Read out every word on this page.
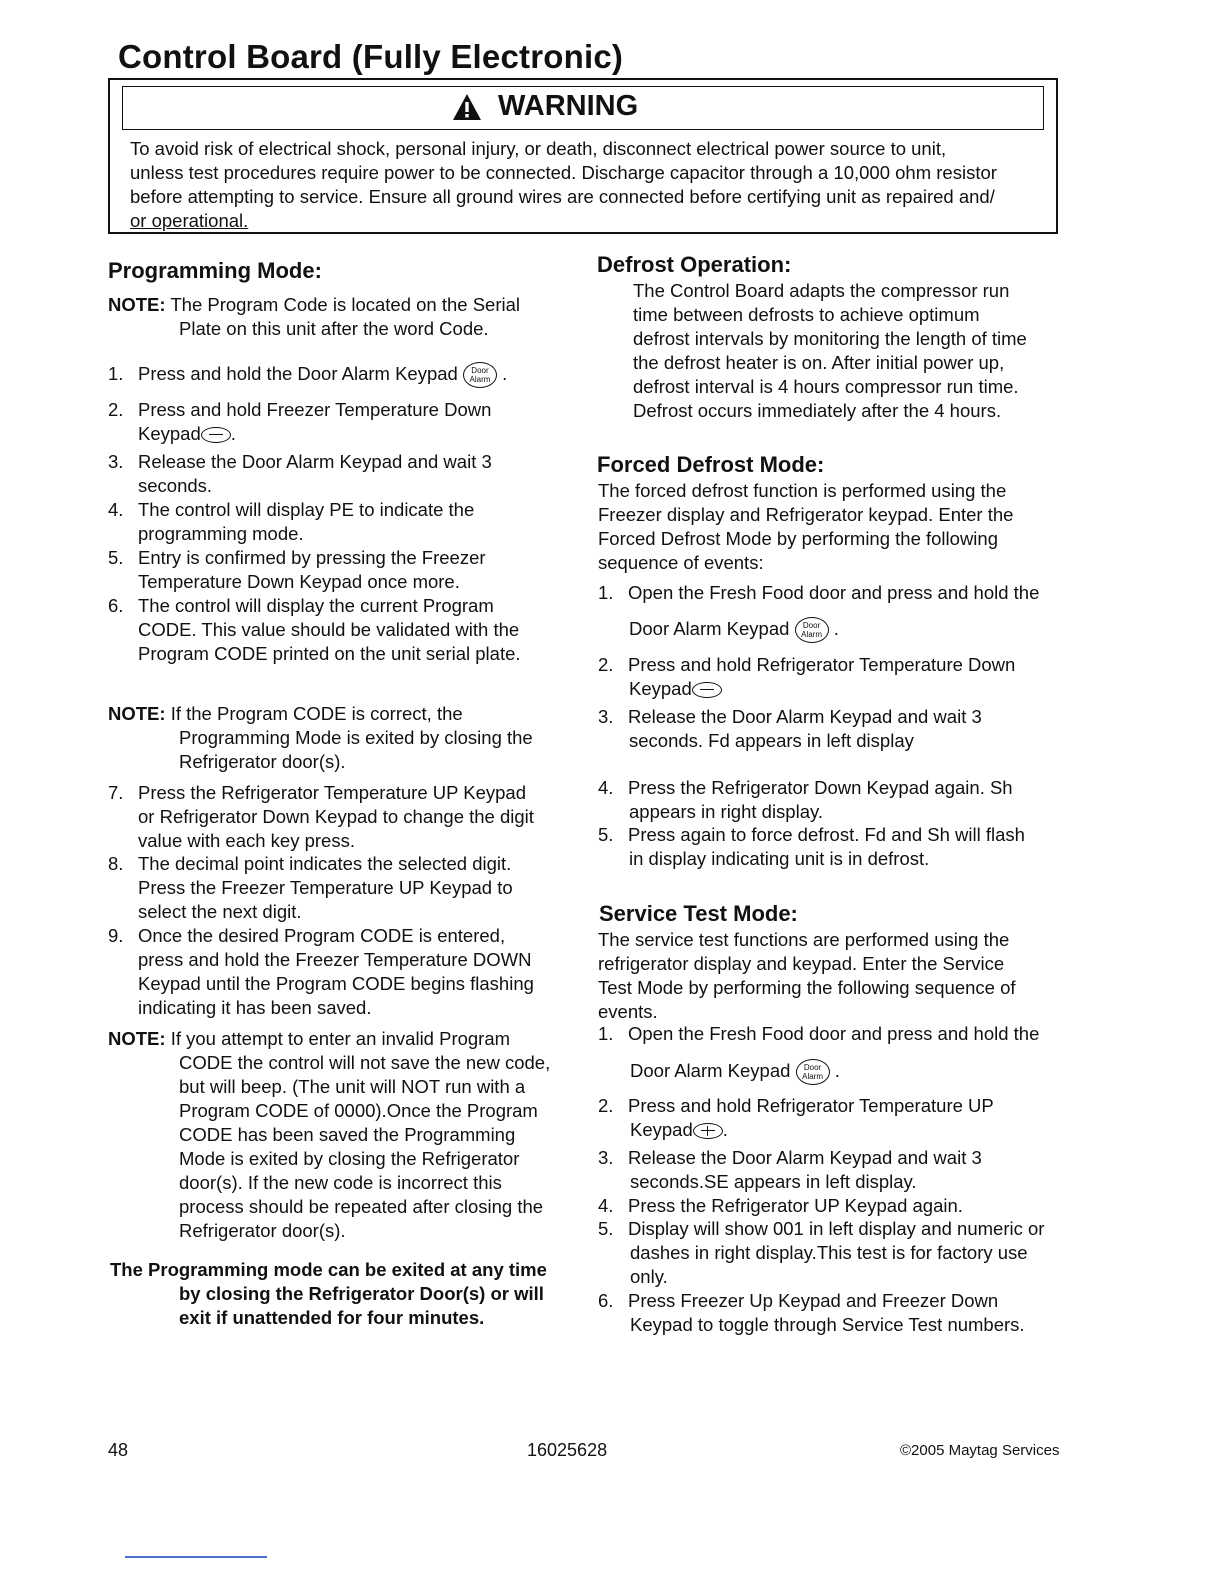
Control Board (Fully Electronic)
WARNING
To avoid risk of electrical shock, personal injury, or death, disconnect electrical power source to unit,
unless test procedures require power to be connected. Discharge capacitor through a 10,000 ohm resistor
before attempting to service. Ensure all ground wires are connected before certifying unit as repaired and/
or operational.
Programming Mode:
NOTE: The Program Code is located on the Serial
Plate on this unit after the word Code.
1. Press and hold the Door Alarm Keypad Door
Alarm .
2. Press and hold Freezer Temperature Down
Keypad .
3. Release the Door Alarm Keypad and wait 3
seconds.
4. The control will display PE to indicate the
programming mode.
5. Entry is confirmed by pressing the Freezer
Temperature Down Keypad once more.
6. The control will display the current Program
CODE. This value should be validated with the
Program CODE printed on the unit serial plate.
NOTE: If the Program CODE is correct, the
Programming Mode is exited by closing the
Refrigerator door(s).
7. Press the Refrigerator Temperature UP Keypad
or Refrigerator Down Keypad to change the digit
value with each key press.
8. The decimal point indicates the selected digit.
Press the Freezer Temperature UP Keypad to
select the next digit.
9. Once the desired Program CODE is entered,
press and hold the Freezer Temperature DOWN
Keypad until the Program CODE begins flashing
indicating it has been saved.
NOTE: If you attempt to enter an invalid Program
CODE the control will not save the new code,
but will beep. (The unit will NOT run with a
Program CODE of 0000).Once the Program
CODE has been saved the Programming
Mode is exited by closing the Refrigerator
door(s). If the new code is incorrect this
process should be repeated after closing the
Refrigerator door(s).
The Programming mode can be exited at any time
by closing the Refrigerator Door(s) or will
exit if unattended for four minutes.
Defrost Operation:
The Control Board adapts the compressor run
time between defrosts to achieve optimum
defrost intervals by monitoring the length of time
the defrost heater is on. After initial power up,
defrost interval is 4 hours compressor run time.
Defrost occurs immediately after the 4 hours.
Forced Defrost Mode:
The forced defrost function is performed using the
Freezer display and Refrigerator keypad. Enter the
Forced Defrost Mode by performing the following
sequence of events:
1. Open the Fresh Food door and press and hold the
Door Alarm Keypad Door
Alarm .
2. Press and hold Refrigerator Temperature Down
Keypad
3. Release the Door Alarm Keypad and wait 3
seconds. Fd appears in left display
4. Press the Refrigerator Down Keypad again. Sh
appears in right display.
5. Press again to force defrost. Fd and Sh will flash
in display indicating unit is in defrost.
Service Test Mode:
The service test functions are performed using the
refrigerator display and keypad. Enter the Service
Test Mode by performing the following sequence of
events.
1. Open the Fresh Food door and press and hold the
Door Alarm Keypad Door
Alarm .
2. Press and hold Refrigerator Temperature UP
Keypad .
3. Release the Door Alarm Keypad and wait 3
seconds.SE appears in left display.
4. Press the Refrigerator UP Keypad again.
5. Display will show 001 in left display and numeric or
dashes in right display.This test is for factory use
only.
6. Press Freezer Up Keypad and Freezer Down
Keypad to toggle through Service Test numbers.
48	16025628	©2005 Maytag Services
